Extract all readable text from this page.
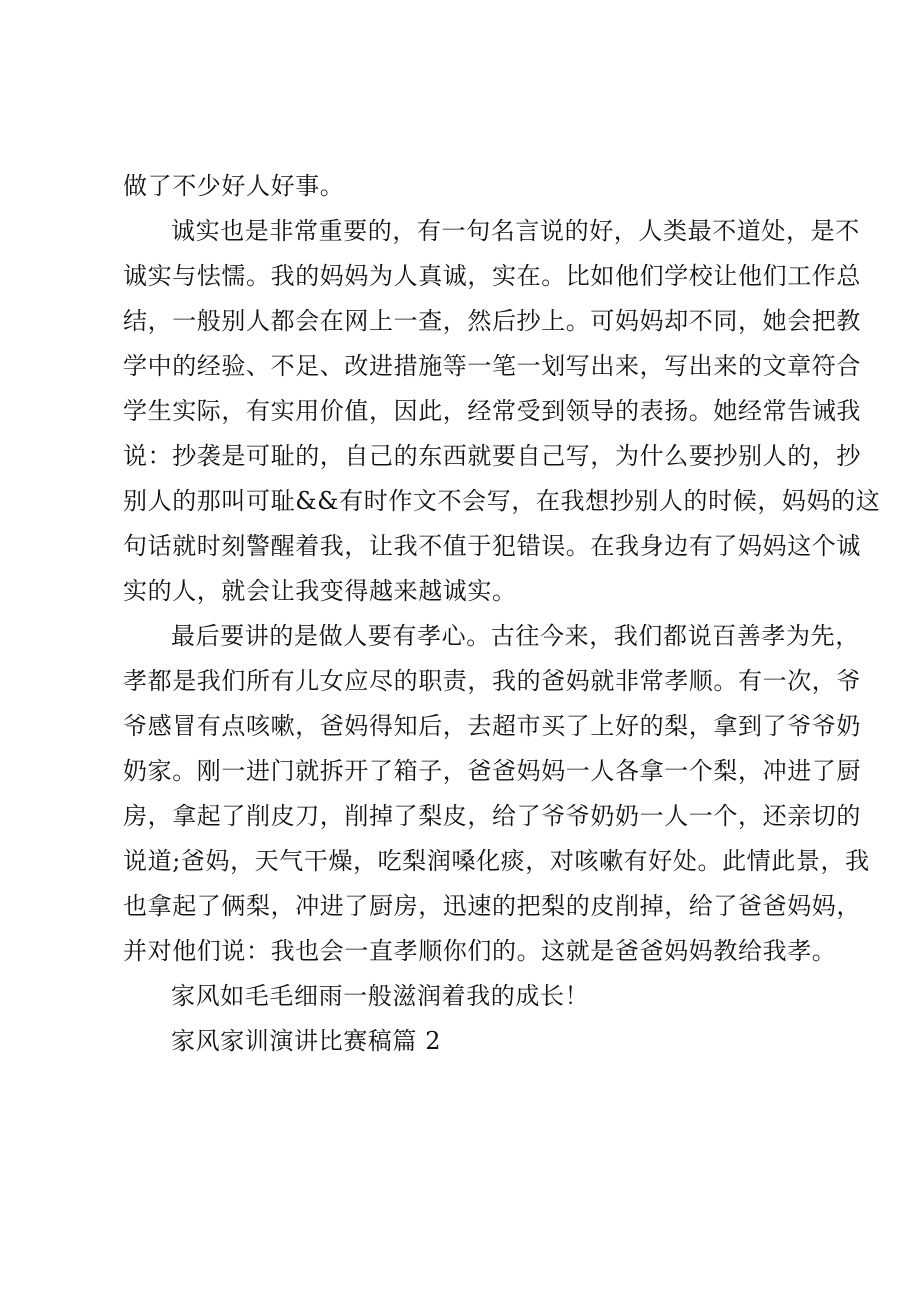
做了不少好人好事。
诚实也是非常重要的，有一句名言说的好，人类最不道处，是不
诚实与怯懦。我的妈妈为人真诚，实在。比如他们学校让他们工作总
结，一般别人都会在网上一查，然后抄上。可妈妈却不同，她会把教
学中的经验、不足、改进措施等一笔一划写出来，写出来的文章符合
学生实际，有实用价值，因此，经常受到领导的表扬。她经常告诫我
说：抄袭是可耻的，自己的东西就要自己写，为什么要抄别人的，抄
别人的那叫可耻&&有时作文不会写，在我想抄别人的时候，妈妈的这
句话就时刻警醒着我，让我不值于犯错误。在我身边有了妈妈这个诚
实的人，就会让我变得越来越诚实。
最后要讲的是做人要有孝心。古往今来，我们都说百善孝为先，
孝都是我们所有儿女应尽的职责，我的爸妈就非常孝顺。有一次，爷
爷感冒有点咳嗽，爸妈得知后，去超市买了上好的梨，拿到了爷爷奶
奶家。刚一进门就拆开了箱子，爸爸妈妈一人各拿一个梨，冲进了厨
房，拿起了削皮刀，削掉了梨皮，给了爷爷奶奶一人一个，还亲切的
说道;爸妈，天气干燥，吃梨润嗓化痰，对咳嗽有好处。此情此景，我
也拿起了俩梨，冲进了厨房，迅速的把梨的皮削掉，给了爸爸妈妈，
并对他们说：我也会一直孝顺你们的。这就是爸爸妈妈教给我孝。
家风如毛毛细雨一般滋润着我的成长！
家风家训演讲比赛稿篇 2
